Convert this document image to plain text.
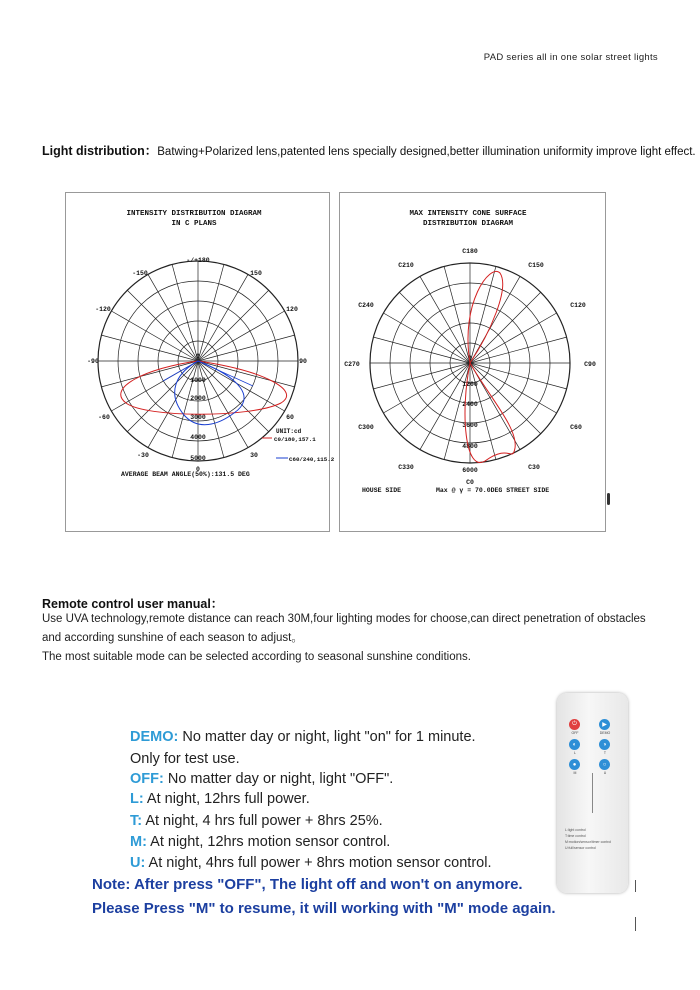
PAD series all in one solar street lights
Light distribution：Batwing+Polarized lens,patented lens specially designed,better illumination uniformity improve light effect.
INTENSITY DISTRIBUTION DIAGRAM
IN C PLANS
-/+180
-150	150
-120	120
-90	90
-60	60
-30	30
0
1000
2000
3000
4000
5000
0
UNIT:cd
C0/180,157.1
C60/240,115.2
AVERAGE BEAM ANGLE(50%):131.5 DEG
MAX INTENSITY CONE SURFACE
DISTRIBUTION DIAGRAM
C180
C210	C150
C240	C120
C270	C90
C300	C60
C330	C30
C0
0
1200
2400
3600
4800
6000
HOUSE SIDE	Max @ γ = 70.0DEG STREET SIDE
Remote control user manual：
Use UVA technology,remote distance can reach 30M,four lighting modes for choose,can direct penetration of obstacles and according sunshine of each season to adjust。
The most suitable mode can be selected according to seasonal sunshine conditions.
DEMO: No matter day or night, light "on" for 1 minute.
Only for test use.
OFF: No matter day or night, light "OFF".
L: At night, 12hrs full power.
T: At night, 4 hrs full power + 8hrs 25%.
M: At night, 12hrs motion sensor control.
U: At night, 4hrs full power + 8hrs motion sensor control.
Note: After press "OFF", The light off and won't on anymore.
Please Press "M" to resume, it will working with "M" mode again.
⏻
OFF
▶
DEMO
◐
L
◑
T
●
M
○
U
L:light control
T:time control
M:motion/sensor/timer control
U:full/sensor control
